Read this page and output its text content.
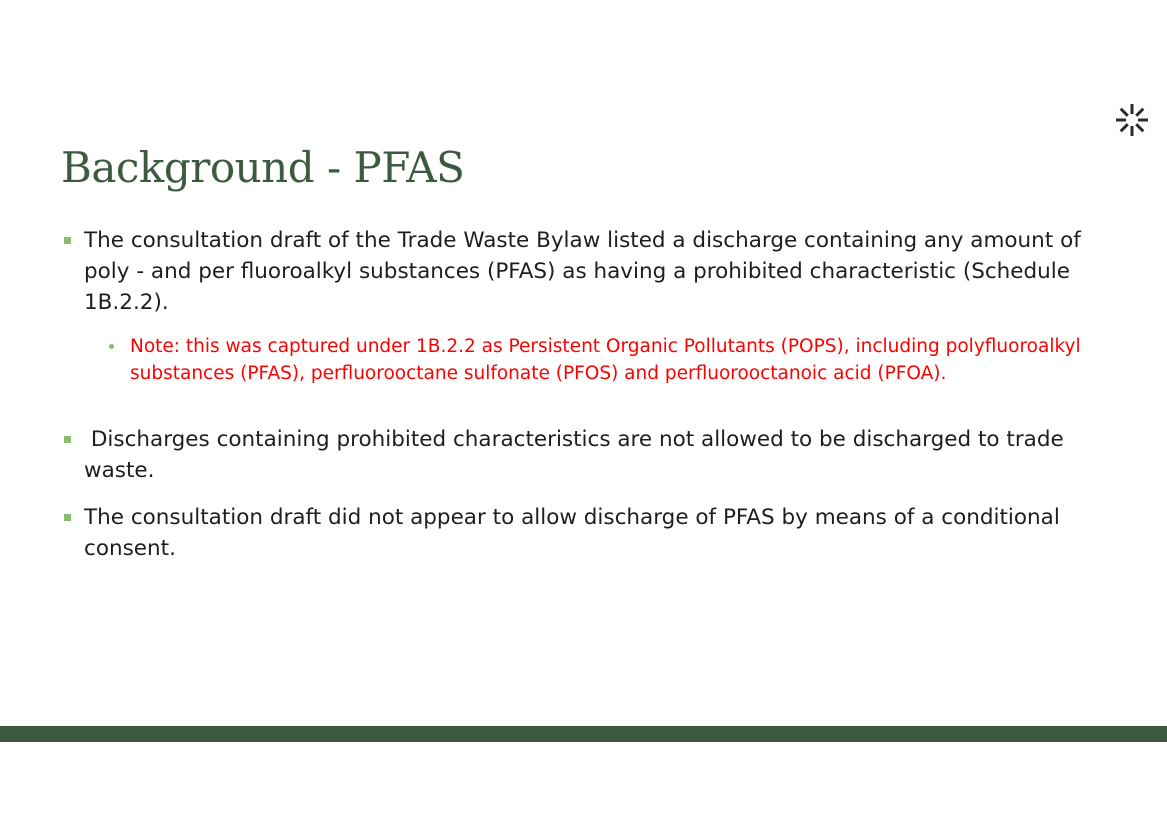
Background - PFAS
The consultation draft of the Trade Waste Bylaw listed a discharge containing any amount of poly - and per fluoroalkyl substances (PFAS) as having a prohibited characteristic (Schedule 1B.2.2).
Note: this was captured under 1B.2.2 as Persistent Organic Pollutants (POPS), including polyfluoroalkyl substances (PFAS), perfluorooctane sulfonate (PFOS) and perfluorooctanoic acid (PFOA).
Discharges containing prohibited characteristics are not allowed to be discharged to trade waste.
The consultation draft did not appear to allow discharge of PFAS by means of a conditional consent.
